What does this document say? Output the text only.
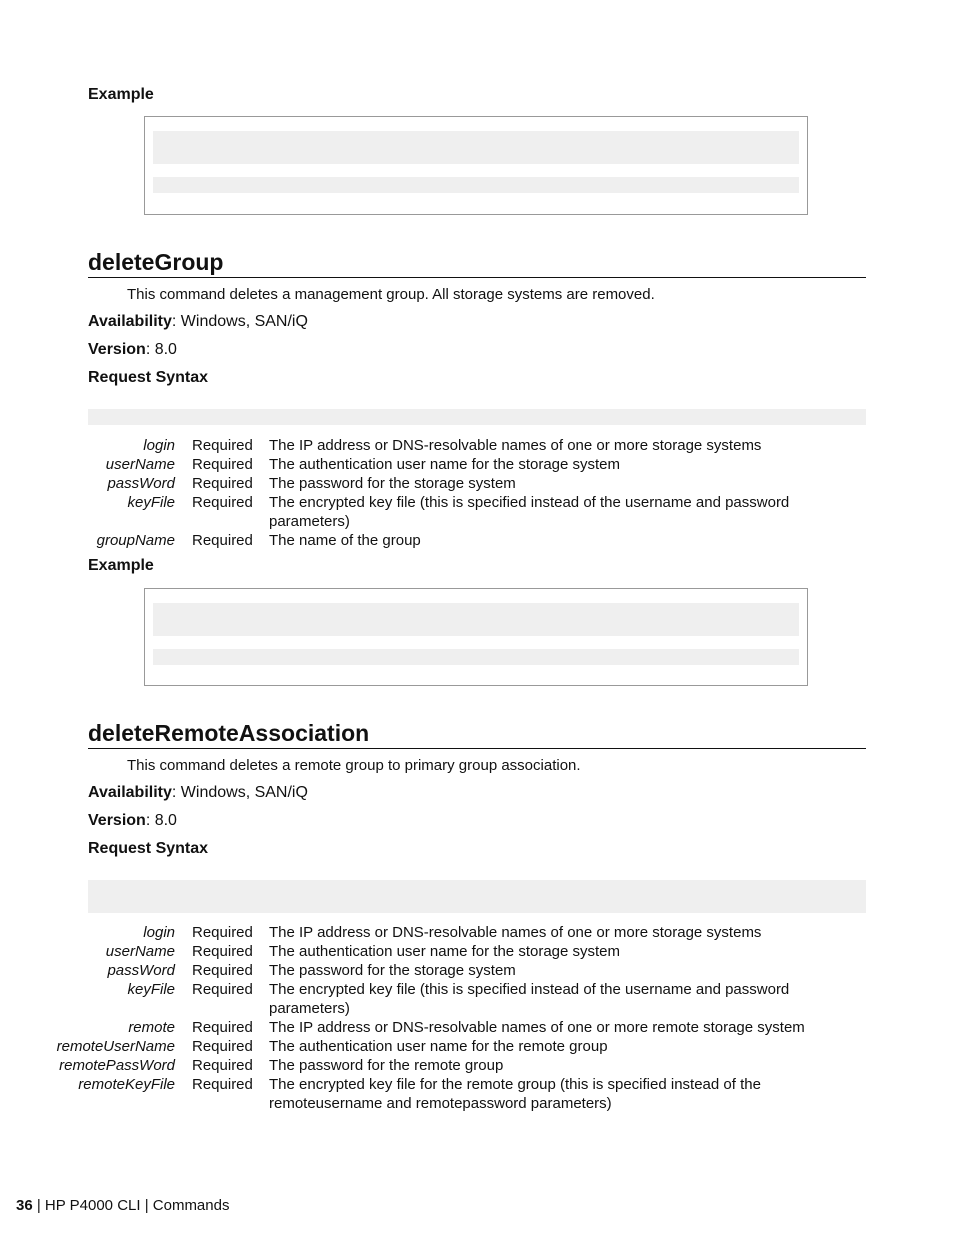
Example
deleteGroup
This command deletes a management group. All storage systems are removed.
Availability: Windows, SAN/iQ
Version: 8.0
Request Syntax
login	Required	The IP address or DNS-resolvable names of one or more storage systems
userName	Required	The authentication user name for the storage system
passWord	Required	The password for the storage system
keyFile	Required	The encrypted key file (this is specified instead of the username and password parameters)
groupName	Required	The name of the group
Example
deleteRemoteAssociation
This command deletes a remote group to primary group association.
Availability: Windows, SAN/iQ
Version: 8.0
Request Syntax
login	Required	The IP address or DNS-resolvable names of one or more storage systems
userName	Required	The authentication user name for the storage system
passWord	Required	The password for the storage system
keyFile	Required	The encrypted key file (this is specified instead of the username and password parameters)
remote	Required	The IP address or DNS-resolvable names of one or more remote storage system
remoteUserName	Required	The authentication user name for the remote group
remotePassWord	Required	The password for the remote group
remoteKeyFile	Required	The encrypted key file for the remote group (this is specified instead of the remoteusername and remotepassword parameters)
36 | HP P4000 CLI | Commands
